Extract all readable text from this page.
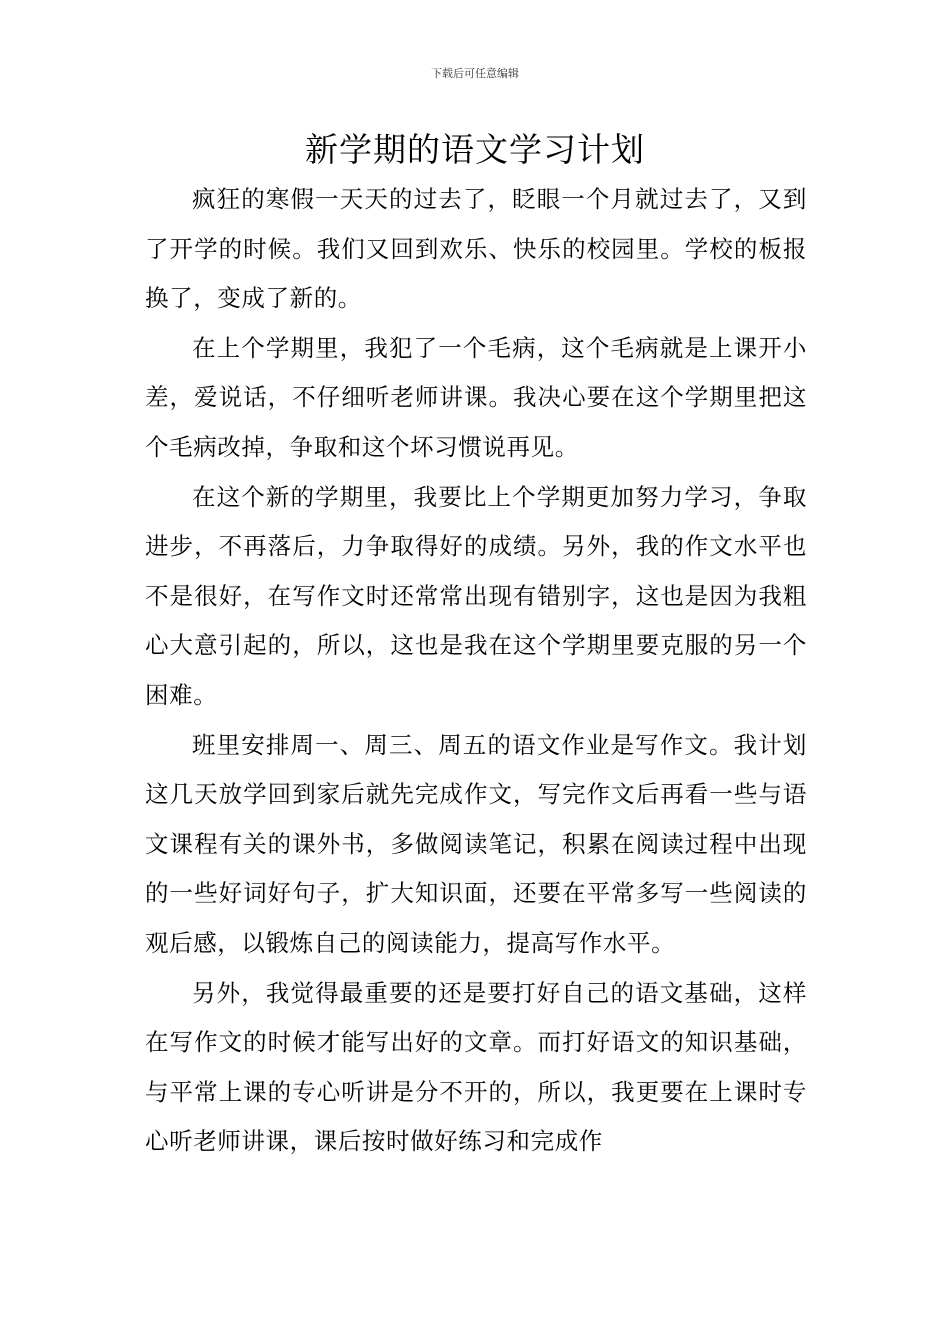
下载后可任意编辑
新学期的语文学习计划

疯狂的寒假一天天的过去了，眨眼一个月就过去了，又到了开学的时候。我们又回到欢乐、快乐的校园里。学校的板报换了，变成了新的。

在上个学期里，我犯了一个毛病，这个毛病就是上课开小差，爱说话，不仔细听老师讲课。我决心要在这个学期里把这个毛病改掉，争取和这个坏习惯说再见。

在这个新的学期里，我要比上个学期更加努力学习，争取进步，不再落后，力争取得好的成绩。另外，我的作文水平也不是很好，在写作文时还常常出现有错别字，这也是因为我粗心大意引起的，所以，这也是我在这个学期里要克服的另一个困难。

班里安排周一、周三、周五的语文作业是写作文。我计划这几天放学回到家后就先完成作文，写完作文后再看一些与语文课程有关的课外书，多做阅读笔记，积累在阅读过程中出现的一些好词好句子，扩大知识面，还要在平常多写一些阅读的观后感，以锻炼自己的阅读能力，提高写作水平。

另外，我觉得最重要的还是要打好自己的语文基础，这样在写作文的时候才能写出好的文章。而打好语文的知识基础，与平常上课的专心听讲是分不开的，所以，我更要在上课时专心听老师讲课，课后按时做好练习和完成作
